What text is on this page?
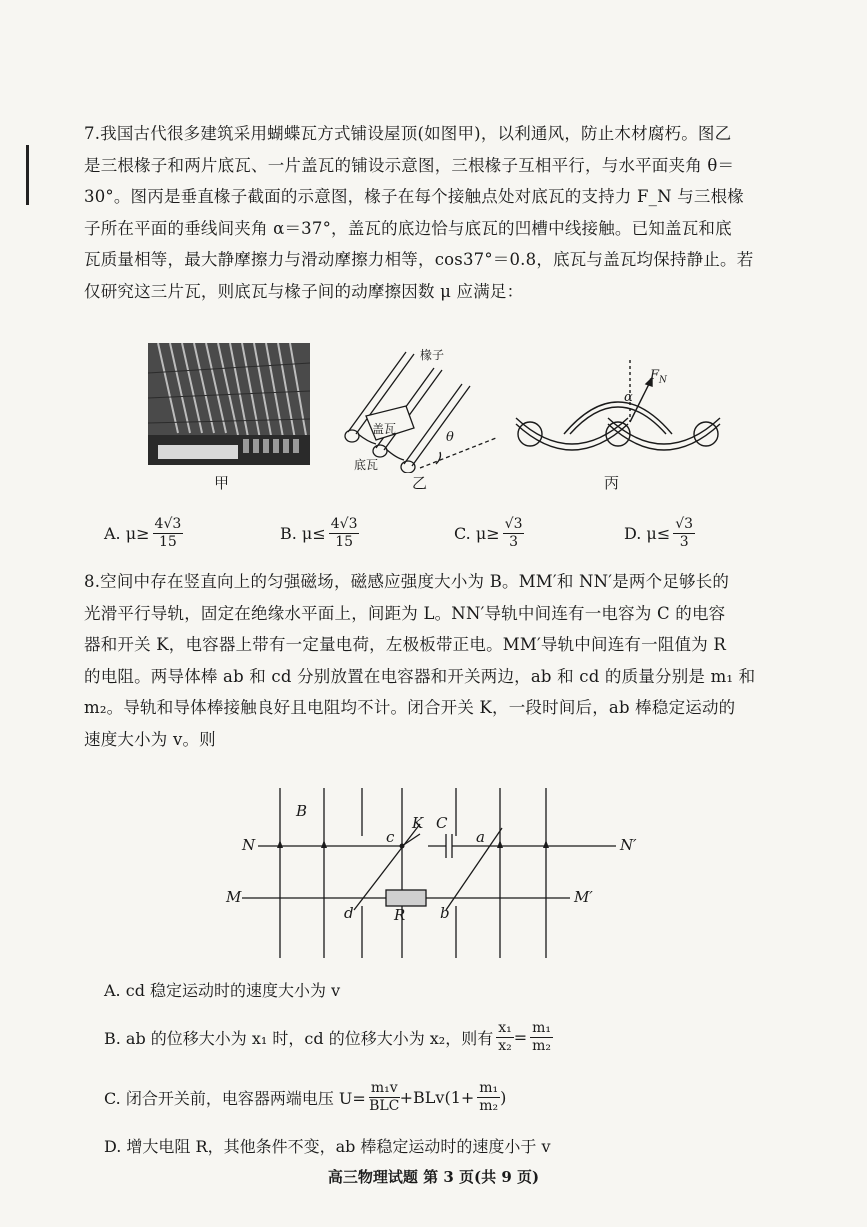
7.我国古代很多建筑采用蝴蝶瓦方式铺设屋顶(如图甲)，以利通风，防止木材腐朽。图乙
是三根椽子和两片底瓦、一片盖瓦的铺设示意图，三根椽子互相平行，与水平面夹角 θ＝
30°。图丙是垂直椽子截面的示意图，椽子在每个接触点处对底瓦的支持力 F_N 与三根椽
子所在平面的垂线间夹角 α＝37°，盖瓦的底边恰与底瓦的凹槽中线接触。已知盖瓦和底
瓦质量相等，最大静摩擦力与滑动摩擦力相等，cos37°＝0.8，底瓦与盖瓦均保持静止。若
仅研究这三片瓦，则底瓦与椽子间的动摩擦因数 μ 应满足：
甲
椽子
盖瓦
底瓦
θ
乙
α
$F_N$
丙
A. $\mu\ge \frac{4√3}{15}$	B. $\mu\le \frac{4√3}{15}$	C. $\mu\ge \frac{√3}{3}$	D. $\mu\le \frac{√3}{3}$
8.空间中存在竖直向上的匀强磁场，磁感应强度大小为 B。MM′和 NN′是两个足够长的
光滑平行导轨，固定在绝缘水平面上，间距为 L。NN′导轨中间连有一电容为 C 的电容
器和开关 K，电容器上带有一定量电荷，左极板带正电。MM′导轨中间连有一阻值为 R
的电阻。两导体棒 ab 和 cd 分别放置在电容器和开关两边，ab 和 cd 的质量分别是 m₁ 和
m₂。导轨和导体棒接触良好且电阻均不计。闭合开关 K，一段时间后，ab 棒稳定运动的
速度大小为 v。则
B
N	N′
M	M′
c
d
a
b
K C
R
A. cd 稳定运动时的速度大小为 v
B. ab 的位移大小为 x₁ 时，cd 的位移大小为 x₂，则有 $\frac{\text{x₁}}{\text{x₂}} = \frac{\text{m₁}}{\text{m₂}}$
C. 闭合开关前，电容器两端电压 $U= \frac{\text{m₁v}}{\text{BLC}} +BLv(1+ \frac{\text{m₁}}{\text{m₂}}$ )
D. 增大电阻 R，其他条件不变，ab 棒稳定运动时的速度小于 v
高三物理试题 第 3 页(共 9 页)
